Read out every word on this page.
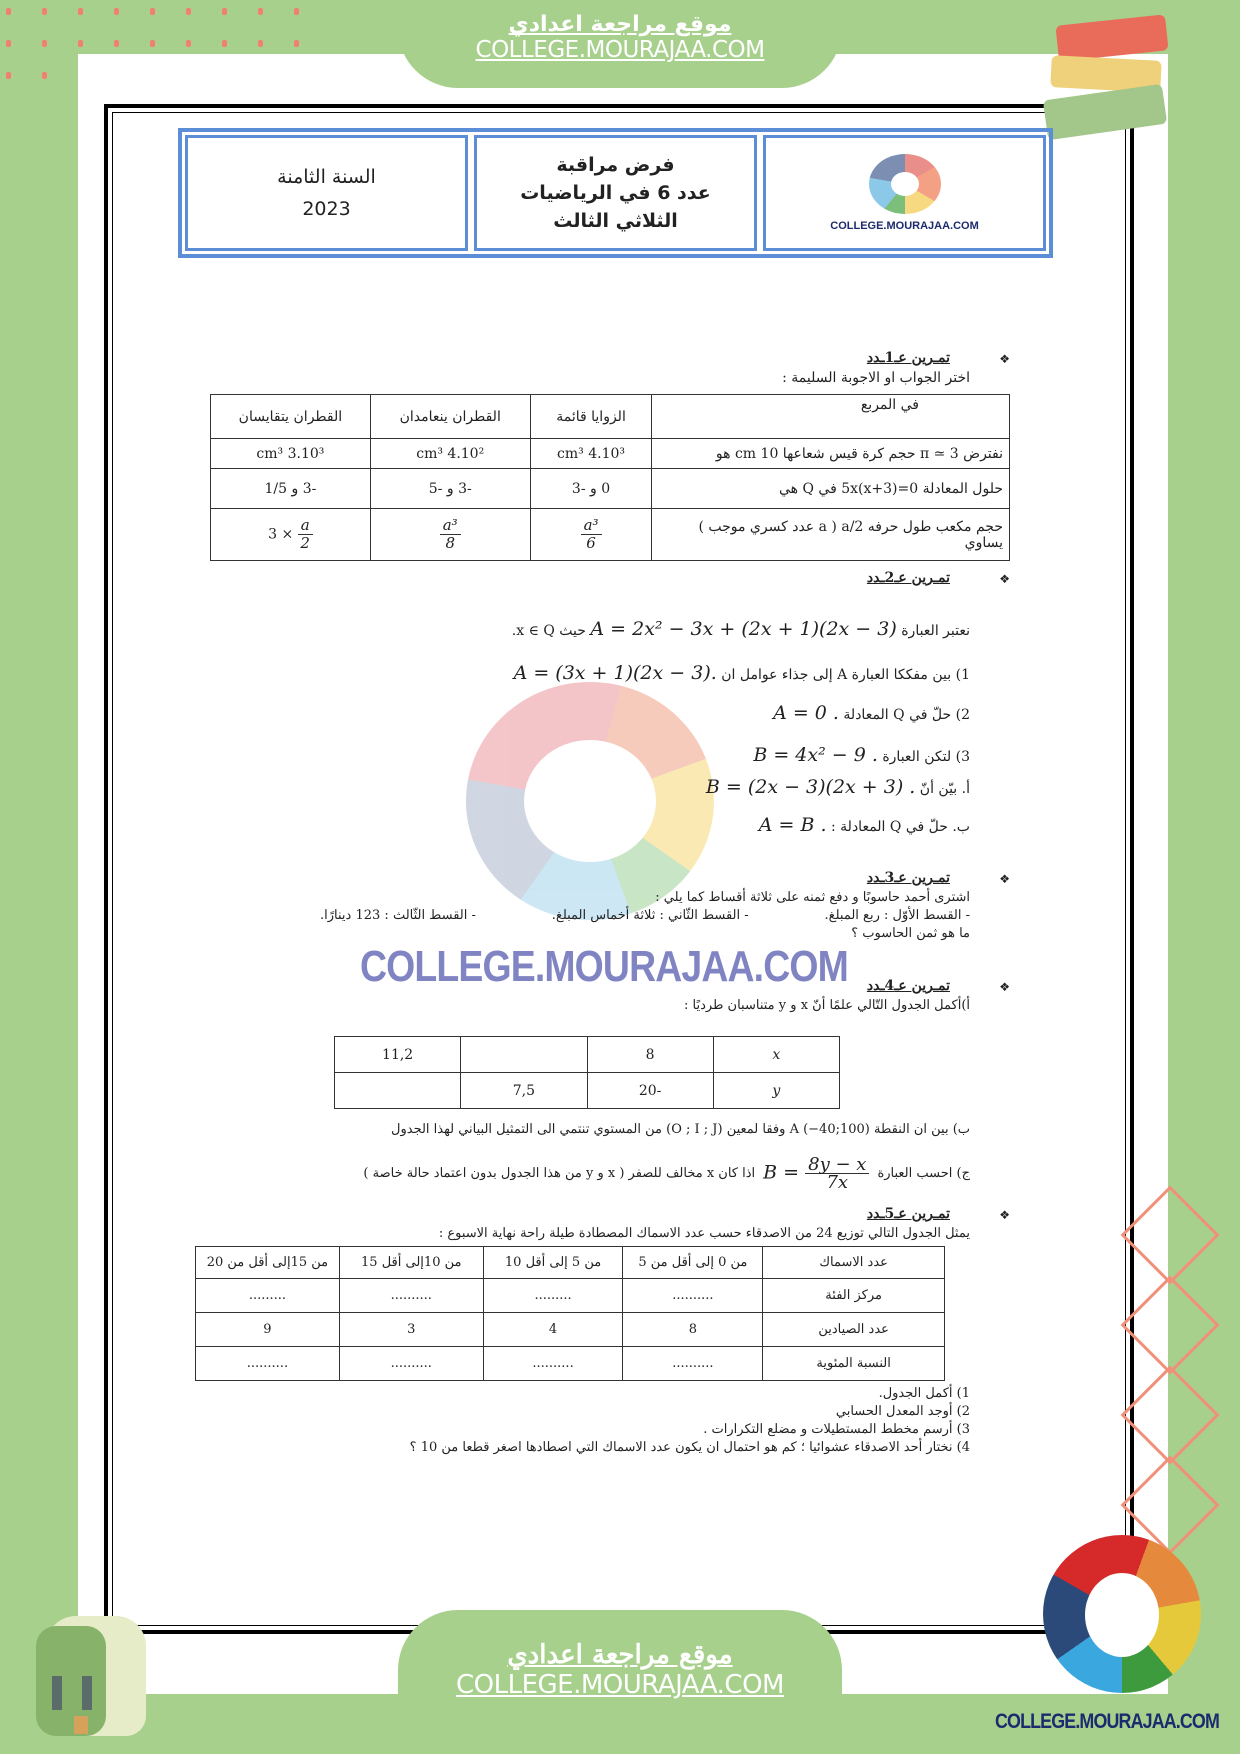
موقع مراجعة اعدادي
COLLEGE.MOURAJAA.COM
السنة الثامنة
2023
فرض مراقبة
عدد 6 في الرياضيات
الثلاثي الثالث	COLLEGE.MOURAJAA.COM
❖
تمـرين عـ1ـدد
اختر الجواب او الاجوبة السليمة :
في المربع	الزوايا قائمة	القطران ينعامدان	القطران يتقايسان
نفترض π ≃ 3 حجم كرة قيس شعاعها 10 cm هو	4.10³ cm³	4.10² cm³	3.10³ cm³
حلول المعادلة 5x(x+3)=0 في Q هي	0 و -3	-3 و -5	-3 و 1/5
حجم مكعب طول حرفه a/2 ( a عدد كسري موجب ) يساوي	$\frac{\text{a³}}{6}$	$\frac{\text{a³}}{8}$	$3 \times \frac{a}{2}$
❖
تمـرين عـ2ـدد
نعتبر العبارة A = 2x² − 3x + (2x + 1)(2x − 3) حيث x ∈ Q.
1) بين مفككا العبارة A إلى جذاء عوامل ان A = (3x + 1)(2x − 3).
2) حلّ في Q المعادلة A = 0 .
3) لتكن العبارة B = 4x² − 9 .
أ. بيّن أنّ B = (2x − 3)(2x + 3) .
ب. حلّ في Q المعادلة : A = B .
❖
تمـرين عـ3ـدد
اشترى أحمد حاسوبًا و دفع ثمنه على ثلاثة أقساط كما يلي :
- القسط الأوّل : ربع المبلغ.
- القسط الثّاني : ثلاثة أخماس المبلغ.
- القسط الثّالث : 123 دينارًا.
ما هو ثمن الحاسوب ؟
❖
تمـرين عـ4ـدد
أ)أكمل الجدول التّالي علمًا أنّ x و y متناسبان طرديًا :
x	8		11,2
y	-20	7,5	
ب) بين ان النقطة A (−40;100) وفقا لمعين (O ; I ; J) من المستوي تنتمي الى التمثيل البياني لهذا الجدول
ج) احسب العبارة
$B = \frac{8y - x}{7x}$
اذا كان x مخالف للصفر ( x و y من هذا الجدول بدون اعتماد حالة خاصة )
❖
تمـرين عـ5ـدد
يمثل الجدول التالي توزيع 24 من الاصدقاء حسب عدد الاسماك المصطادة طيلة راحة نهاية الاسبوع :
عدد الاسماك	من 0 إلى أقل من 5	من 5 إلى أقل 10	من 10إلى أقل 15	من 15إلى أقل من 20
مركز الفئة	..........	.........	..........	.........
عدد الصيادين	8	4	3	9
النسبة المئوية	..........	..........	..........	..........
1) أكمل الجدول.
2) أوجد المعدل الحسابي
3) أرسم مخطط المستطيلات و مضلع التكرارات .
4) نختار أحد الاصدقاء عشوائيا ؛ كم هو احتمال ان يكون عدد الاسماك التي اصطادها اصغر قطعا من 10 ؟
COLLEGE.MOURAJAA.COM
موقع مراجعة اعدادي
COLLEGE.MOURAJAA.COM
COLLEGE.MOURAJAA.COM
